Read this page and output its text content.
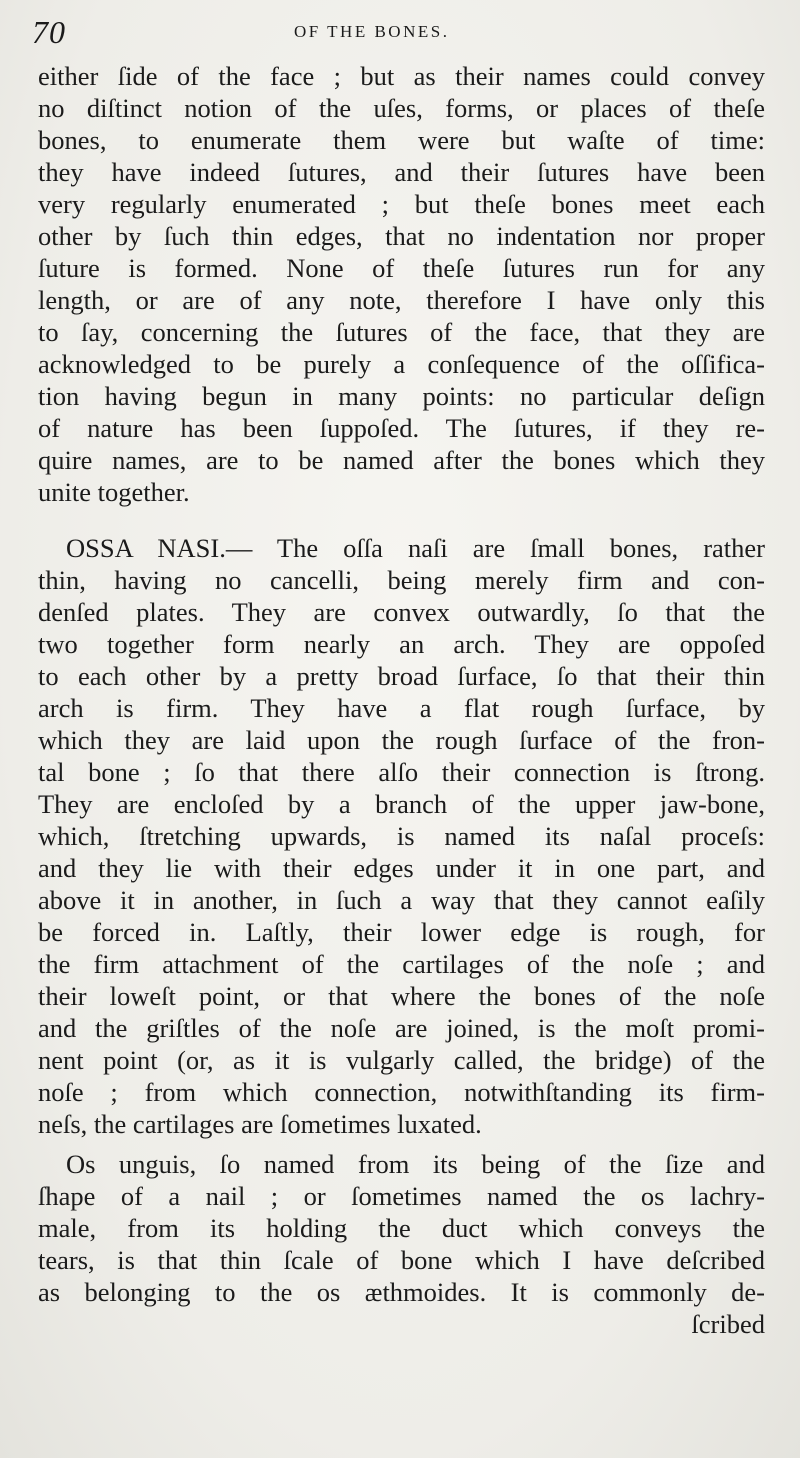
70	OF THE BONES.
either ſide of the face ; but as their names could convey
no diſtinct notion of the uſes, forms, or places of theſe
bones, to enumerate them were but waſte of time:
they have indeed ſutures, and their ſutures have been
very regularly enumerated ; but theſe bones meet each
other by ſuch thin edges, that no indentation nor proper
ſuture is formed. None of theſe ſutures run for any
length, or are of any note, therefore I have only this
to ſay, concerning the ſutures of the face, that they are
acknowledged to be purely a conſequence of the oſſifica-
tion having begun in many points: no particular deſign
of nature has been ſuppoſed. The ſutures, if they re-
quire names, are to be named after the bones which they
unite together.
OSSA NASI.— The oſſa naſi are ſmall bones, rather
thin, having no cancelli, being merely firm and con-
denſed plates. They are convex outwardly, ſo that the
two together form nearly an arch. They are oppoſed
to each other by a pretty broad ſurface, ſo that their thin
arch is firm. They have a flat rough ſurface, by
which they are laid upon the rough ſurface of the fron-
tal bone ; ſo that there alſo their connection is ſtrong.
They are encloſed by a branch of the upper jaw-bone,
which, ſtretching upwards, is named its naſal proceſs:
and they lie with their edges under it in one part, and
above it in another, in ſuch a way that they cannot eaſily
be forced in. Laſtly, their lower edge is rough, for
the firm attachment of the cartilages of the noſe ; and
their loweſt point, or that where the bones of the noſe
and the griſtles of the noſe are joined, is the moſt promi-
nent point (or, as it is vulgarly called, the bridge) of the
noſe ; from which connection, notwithſtanding its firm-
neſs, the cartilages are ſometimes luxated.
Os unguis, ſo named from its being of the ſize and
ſhape of a nail ; or ſometimes named the os lachry-
male, from its holding the duct which conveys the
tears, is that thin ſcale of bone which I have deſcribed
as belonging to the os æthmoides. It is commonly de-
ſcribed
